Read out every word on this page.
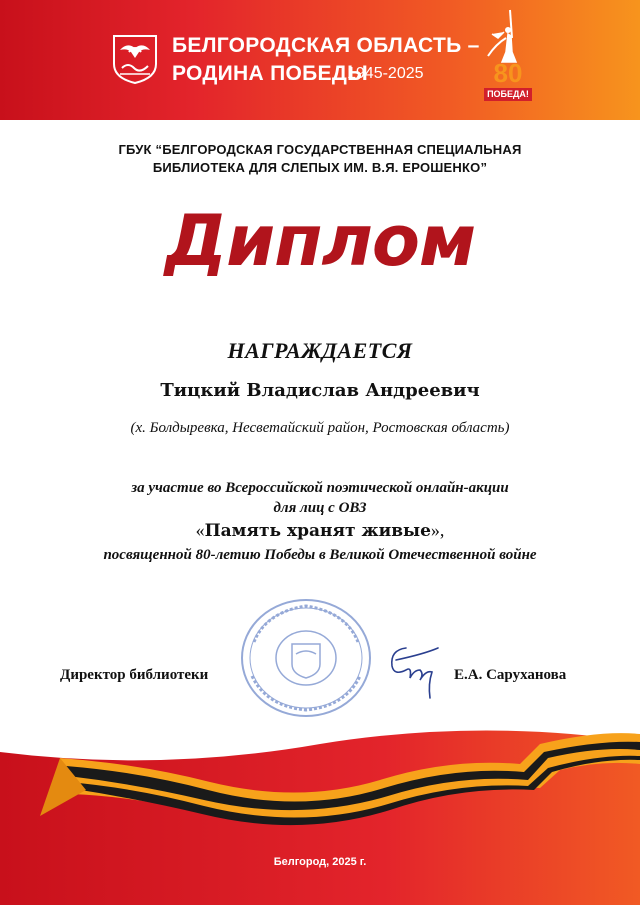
БЕЛГОРОДСКАЯ ОБЛАСТЬ –
РОДИНА ПОБЕДЫ
1945-2025	80
ПОБЕДА!
ГБУК “БЕЛГОРОДСКАЯ ГОСУДАРСТВЕННАЯ СПЕЦИАЛЬНАЯ
БИБЛИОТЕКА ДЛЯ СЛЕПЫХ ИМ. В.Я. ЕРОШЕНКО”
Диплом
НАГРАЖДАЕТСЯ
Тицкий Владислав Андреевич
(х. Болдыревка, Несветайский район, Ростовская область)
за участие во Всероссийской поэтической онлайн-акции
для лиц с ОВЗ
«Память хранят живые»,
посвященной 80-летию Победы в Великой Отечественной войне
Директор библиотеки	Е.А. Саруханова
Белгород, 2025 г.
